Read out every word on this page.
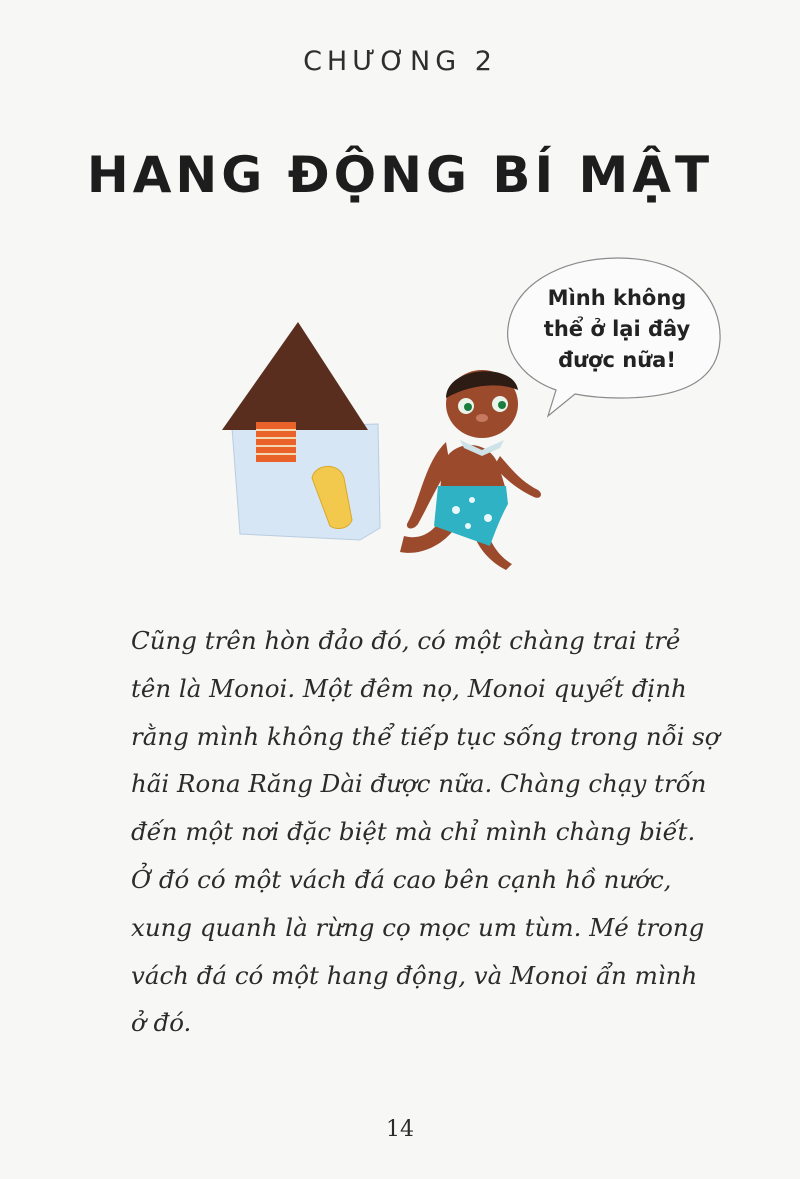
CHƯƠNG 2
HANG ĐỘNG BÍ MẬT
Mình không
thể ở lại đây
được nữa!
Cũng trên hòn đảo đó, có một chàng trai trẻ
tên là Monoi. Một đêm nọ, Monoi quyết định
rằng mình không thể tiếp tục sống trong nỗi sợ
hãi Rona Răng Dài được nữa. Chàng chạy trốn
đến một nơi đặc biệt mà chỉ mình chàng biết.
Ở đó có một vách đá cao bên cạnh hồ nước,
xung quanh là rừng cọ mọc um tùm. Mé trong
vách đá có một hang động, và Monoi ẩn mình
ở đó.
14
